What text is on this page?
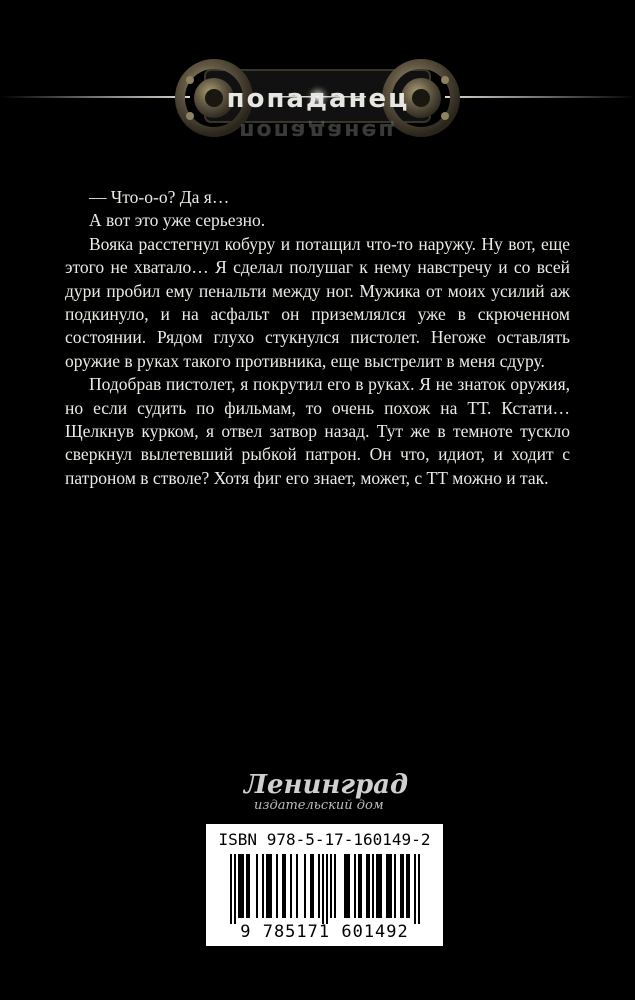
попаданец
попаданец

— Что-о-о? Да я…

А вот это уже серьезно.

Вояка расстегнул кобуру и потащил что-то наружу. Ну вот, еще этого не хватало… Я сделал полушаг к нему навстречу и со всей дури пробил ему пенальти между ног. Мужика от моих усилий аж подкинуло, и на асфальт он приземлялся уже в скрюченном состоянии. Рядом глухо стукнулся пистолет. Негоже оставлять оружие в руках такого противника, еще выстрелит в меня сдуру.

Подобрав пистолет, я покрутил его в руках. Я не знаток оружия, но если судить по фильмам, то очень похож на ТТ. Кстати… Щелкнув курком, я отвел затвор назад. Тут же в темноте тускло сверкнул вылетевший рыбкой патрон. Он что, идиот, и ходит с патроном в стволе? Хотя фиг его знает, может, с ТТ можно и так.

Ленинград
издательский дом
ISBN 978-5-17-160149-2
9 785171 601492
